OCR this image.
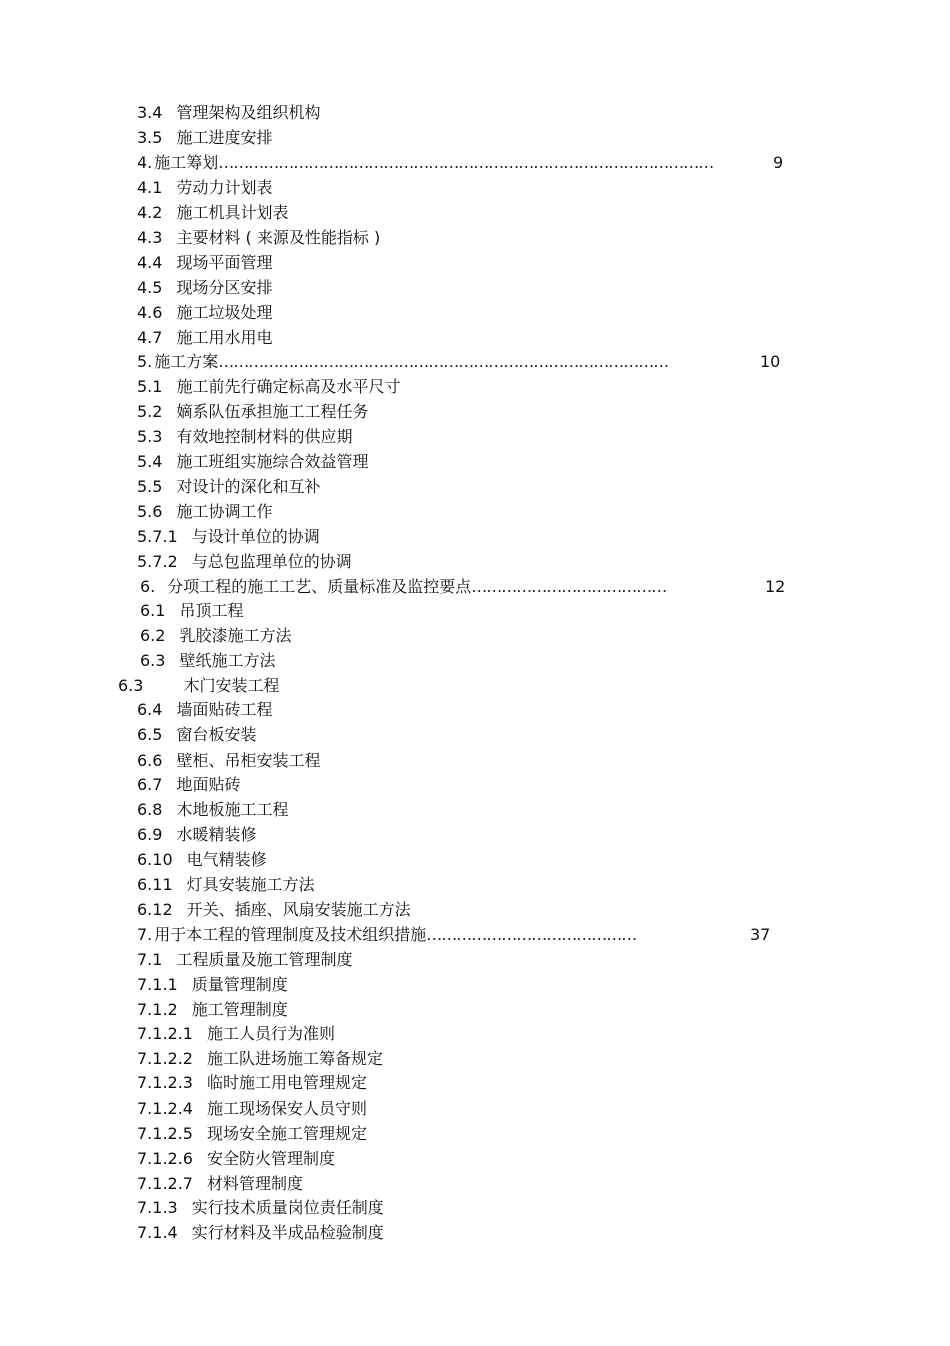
3.4 管理架构及组织机构
3.5 施工进度安排
4. 施工筹划………………………………………………………………………………………	9
4.1 劳动力计划表
4.2 施工机具计划表
4.3 主要材料 ( 来源及性能指标 )
4.4 现场平面管理
4.5 现场分区安排
4.6 施工垃圾处理
4.7 施工用水用电
5. 施工方案………………………………………………………………………………	10
5.1 施工前先行确定标高及水平尺寸
5.2 嫡系队伍承担施工工程任务
5.3 有效地控制材料的供应期
5.4 施工班组实施综合效益管理
5.5 对设计的深化和互补
5.6 施工协调工作
5.7.1 与设计单位的协调
5.7.2 与总包监理单位的协调
6. 分项工程的施工工艺、质量标准及监控要点…………………………………	12
6.1 吊顶工程
6.2 乳胶漆施工方法
6.3 壁纸施工方法
6.3	木门安装工程
6.4 墙面贴砖工程
6.5 窗台板安装
6.6 壁柜、吊柜安装工程
6.7 地面贴砖
6.8 木地板施工工程
6.9 水暖精装修
6.10 电气精装修
6.11 灯具安装施工方法
6.12 开关、插座、风扇安装施工方法
7. 用于本工程的管理制度及技术组织措施……………………………………	37
7.1 工程质量及施工管理制度
7.1.1 质量管理制度
7.1.2 施工管理制度
7.1.2.1 施工人员行为准则
7.1.2.2 施工队进场施工筹备规定
7.1.2.3 临时施工用电管理规定
7.1.2.4 施工现场保安人员守则
7.1.2.5 现场安全施工管理规定
7.1.2.6 安全防火管理制度
7.1.2.7 材料管理制度
7.1.3 实行技术质量岗位责任制度
7.1.4 实行材料及半成品检验制度
